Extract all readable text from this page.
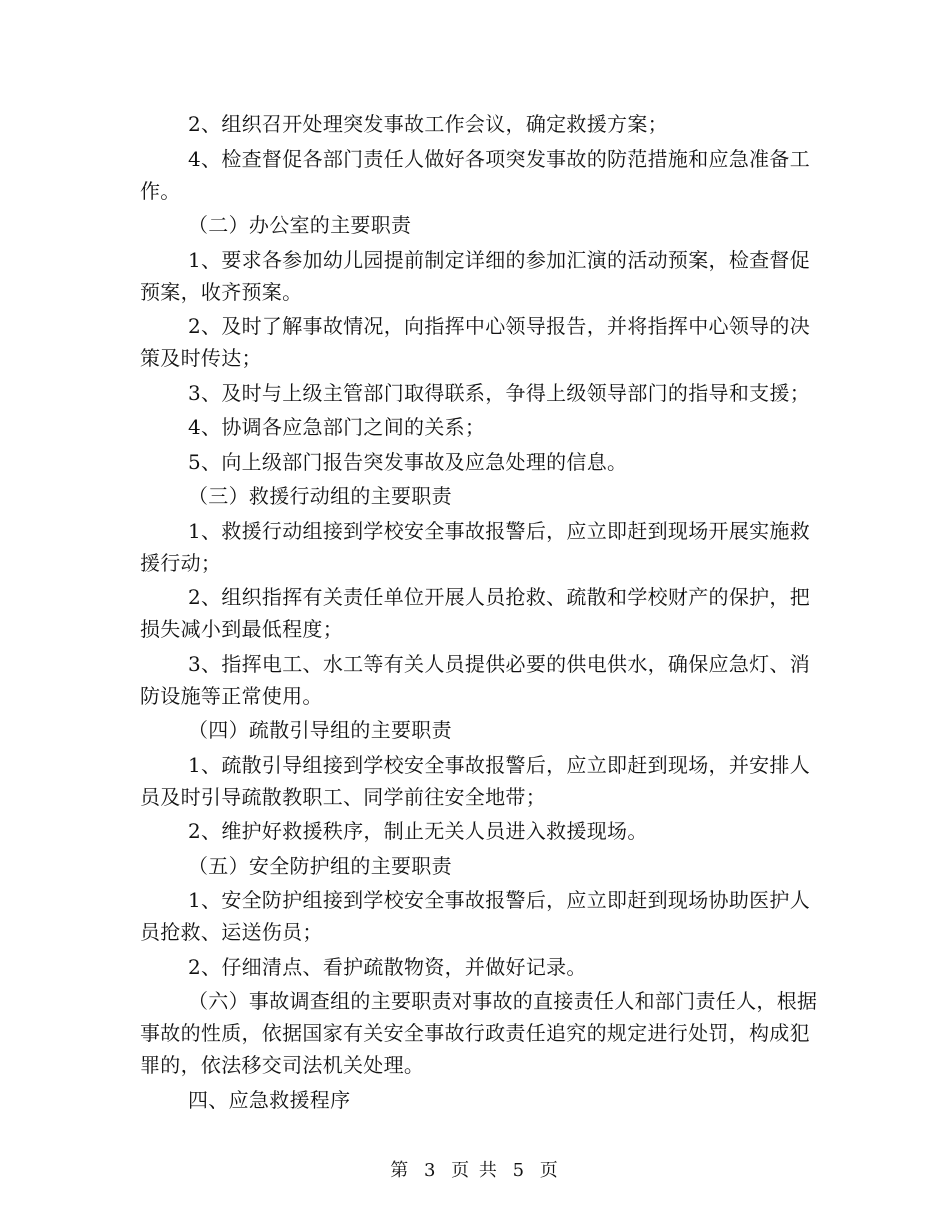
2、组织召开处理突发事故工作会议，确定救援方案；

4、检查督促各部门责任人做好各项突发事故的防范措施和应急准备工作。

（二）办公室的主要职责

1、要求各参加幼儿园提前制定详细的参加汇演的活动预案，检查督促预案，收齐预案。

2、及时了解事故情况，向指挥中心领导报告，并将指挥中心领导的决策及时传达；

3、及时与上级主管部门取得联系，争得上级领导部门的指导和支援；

4、协调各应急部门之间的关系；

5、向上级部门报告突发事故及应急处理的信息。

（三）救援行动组的主要职责

1、救援行动组接到学校安全事故报警后，应立即赶到现场开展实施救援行动；

2、组织指挥有关责任单位开展人员抢救、疏散和学校财产的保护，把损失减小到最低程度；

3、指挥电工、水工等有关人员提供必要的供电供水，确保应急灯、消防设施等正常使用。

（四）疏散引导组的主要职责

1、疏散引导组接到学校安全事故报警后，应立即赶到现场，并安排人员及时引导疏散教职工、同学前往安全地带；

2、维护好救援秩序，制止无关人员进入救援现场。

（五）安全防护组的主要职责

1、安全防护组接到学校安全事故报警后，应立即赶到现场协助医护人员抢救、运送伤员；

2、仔细清点、看护疏散物资，并做好记录。

（六）事故调查组的主要职责对事故的直接责任人和部门责任人，根据事故的性质，依据国家有关安全事故行政责任追究的规定进行处罚，构成犯罪的，依法移交司法机关处理。

四、应急救援程序

第 3 页 共 5 页
